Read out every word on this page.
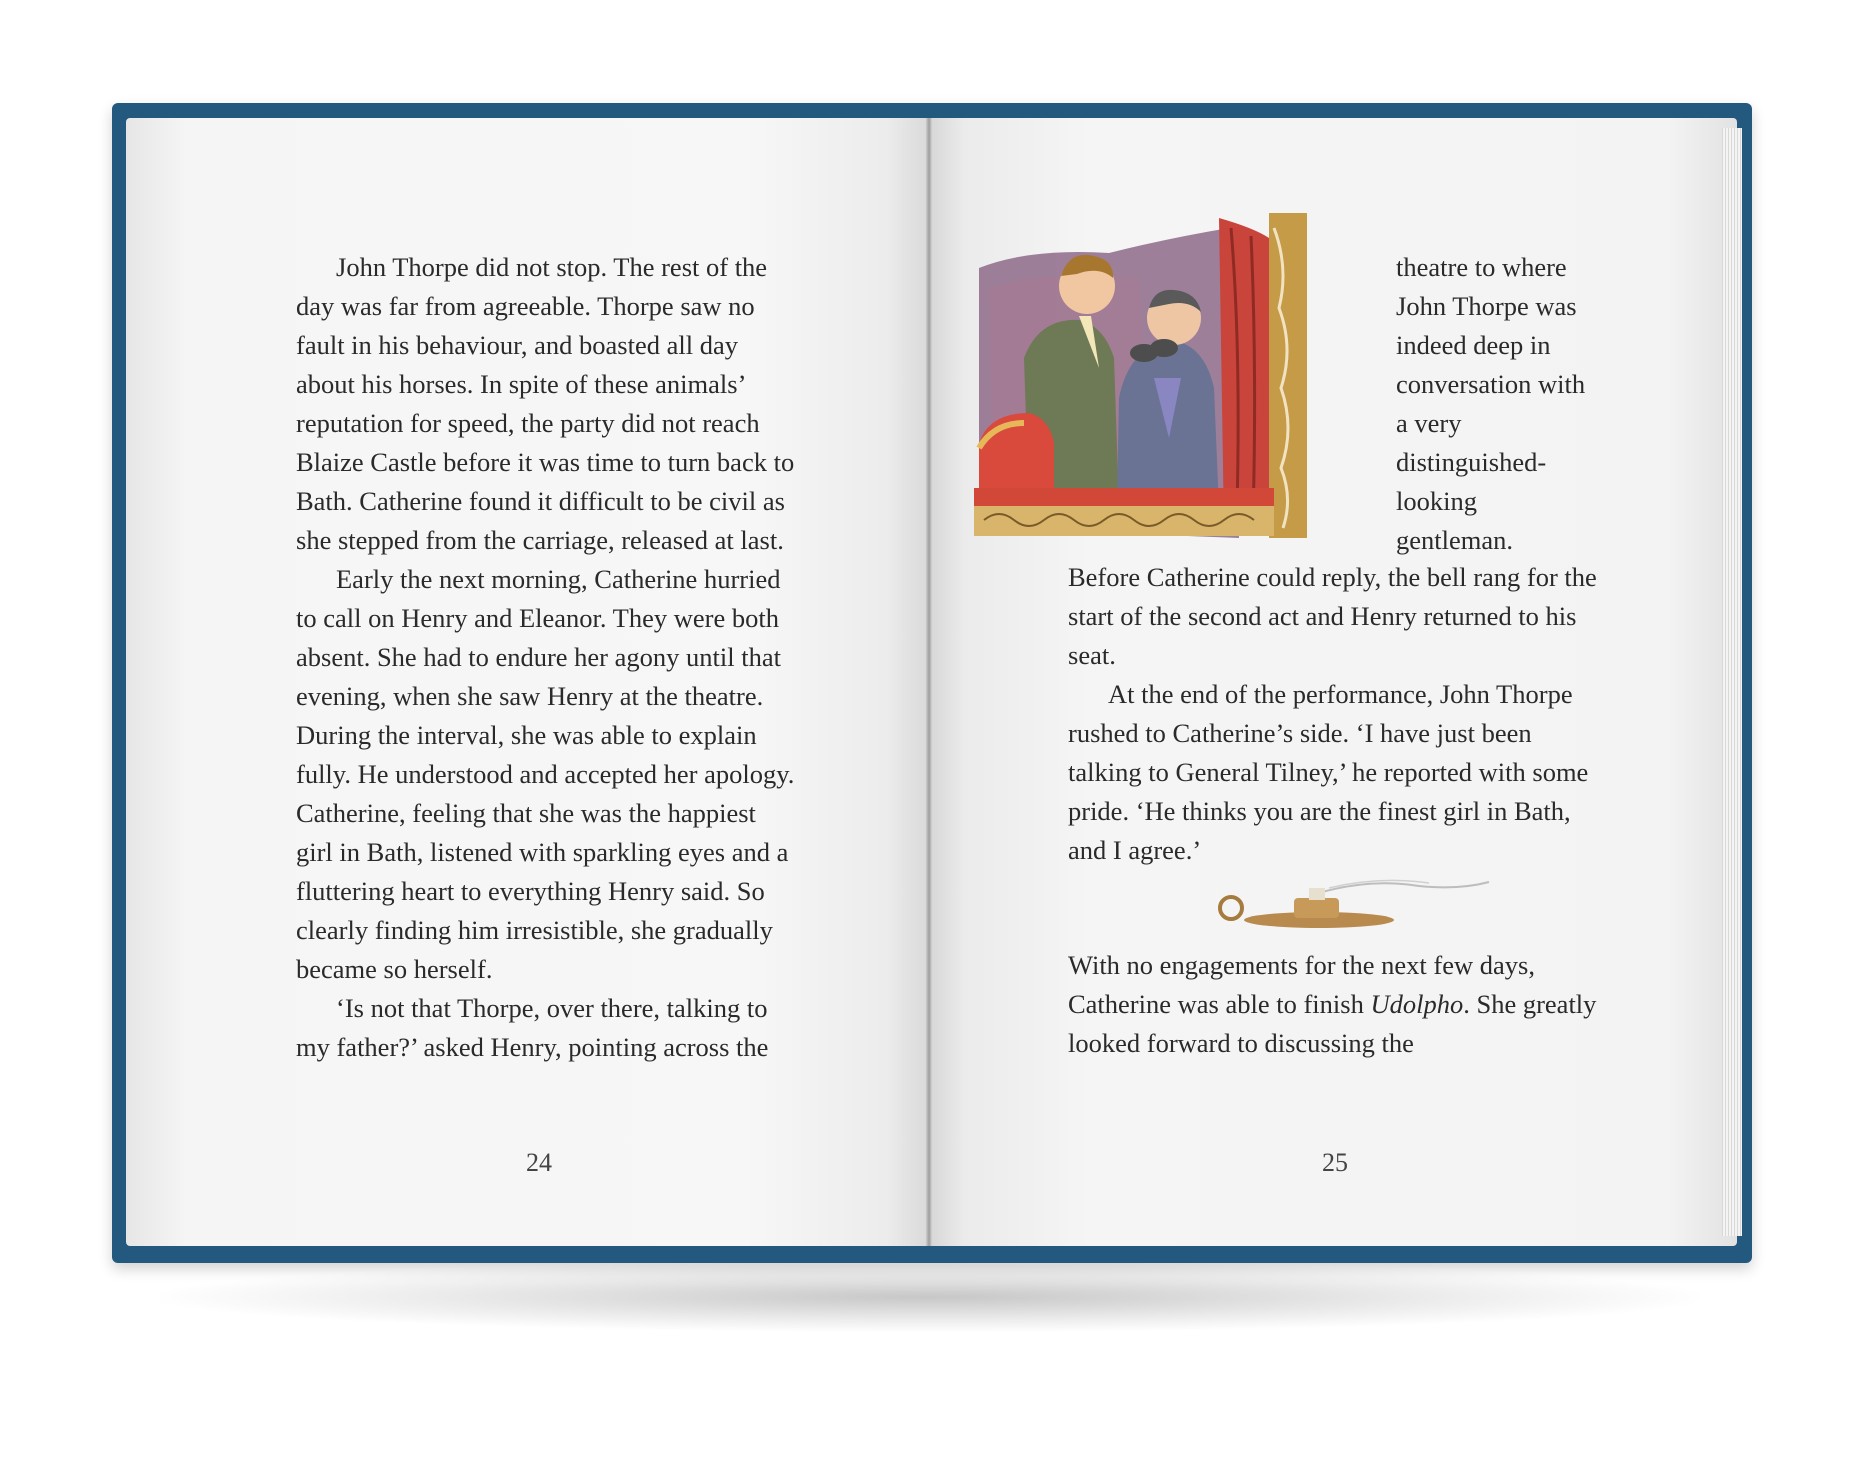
John Thorpe did not stop. The rest of the day was far from agreeable. Thorpe saw no fault in his behaviour, and boasted all day about his horses. In spite of these animals’ reputation for speed, the party did not reach Blaize Castle before it was time to turn back to Bath. Catherine found it difficult to be civil as she stepped from the carriage, released at last.

Early the next morning, Catherine hurried to call on Henry and Eleanor. They were both absent. She had to endure her agony until that evening, when she saw Henry at the theatre. During the interval, she was able to explain fully. He understood and accepted her apology. Catherine, feeling that she was the happiest girl in Bath, listened with sparkling eyes and a fluttering heart to everything Henry said. So clearly finding him irresistible, she gradually became so herself.

‘Is not that Thorpe, over there, talking to my father?’ asked Henry, pointing across the

24
theatre to where John Thorpe was indeed deep in conversation with a very distinguished-looking gentleman.

Before Catherine could reply, the bell rang for the start of the second act and Henry returned to his seat.

At the end of the performance, John Thorpe rushed to Catherine’s side. ‘I have just been talking to General Tilney,’ he reported with some pride. ‘He thinks you are the finest girl in Bath, and I agree.’

With no engagements for the next few days, Catherine was able to finish Udolpho. She greatly looked forward to discussing the

25
